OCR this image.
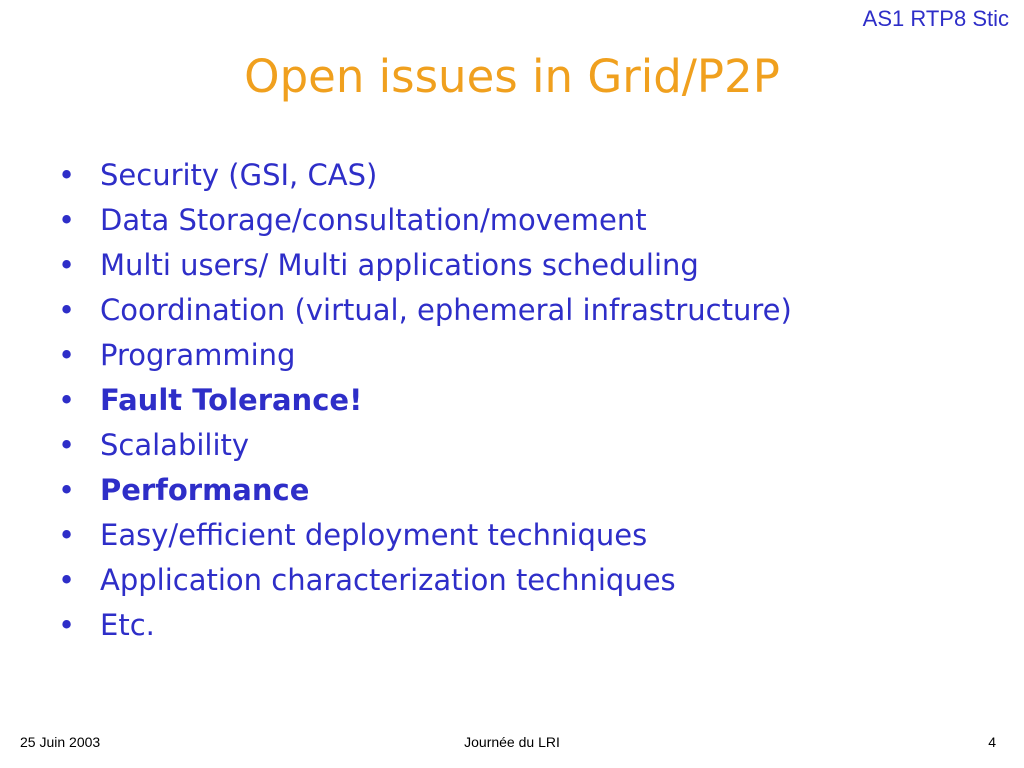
AS1 RTP8 Stic
Open issues in Grid/P2P
• Security (GSI, CAS)
• Data Storage/consultation/movement
• Multi users/ Multi applications scheduling
• Coordination (virtual, ephemeral infrastructure)
• Programming
• Fault Tolerance!
• Scalability
• Performance
• Easy/efficient deployment techniques
• Application characterization techniques
• Etc.
25 Juin 2003	Journée du LRI	4
